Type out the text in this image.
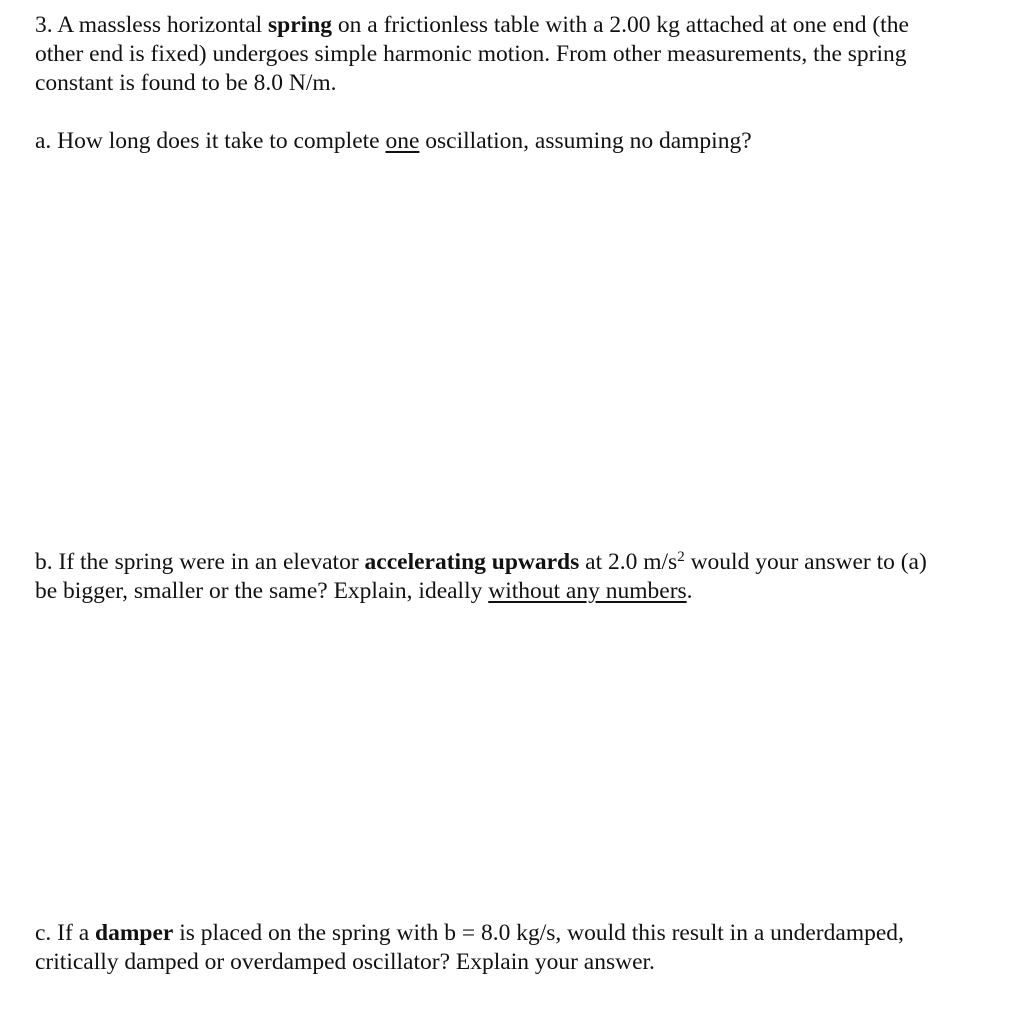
3. A massless horizontal spring on a frictionless table with a 2.00 kg attached at one end (the
other end is fixed) undergoes simple harmonic motion. From other measurements, the spring
constant is found to be 8.0 N/m.

a. How long does it take to complete one oscillation, assuming no damping?

b. If the spring were in an elevator accelerating upwards at 2.0 $m/s^2$ would your answer to (a)
be bigger, smaller or the same? Explain, ideally without any numbers.

c. If a damper is placed on the spring with b = 8.0 kg/s, would this result in a underdamped,
critically damped or overdamped oscillator? Explain your answer.
